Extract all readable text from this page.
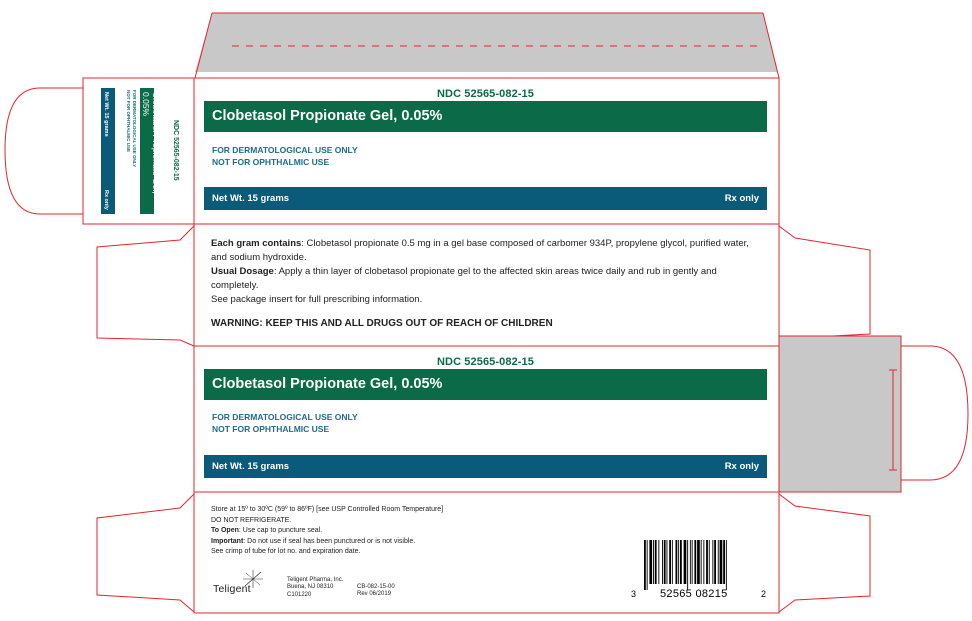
Net Wt. 15 grams
Rx only
FOR DERMATOLOGICAL USE ONLY
NOT FOR OPHTHALMIC USE	Clobetasol Propionate Gel, 0.05%
NDC 52565-082-15
NDC 52565-082-15
Clobetasol Propionate Gel, 0.05%
FOR DERMATOLOGICAL USE ONLY
NOT FOR OPHTHALMIC USE
Net Wt. 15 grams	Rx only
Each gram contains: Clobetasol propionate 0.5 mg in a gel base composed of carbomer 934P, propylene glycol, purified water, and sodium hydroxide.
Usual Dosage: Apply a thin layer of clobetasol propionate gel to the affected skin areas twice daily and rub in gently and completely.
See package insert for full prescribing information.
WARNING: KEEP THIS AND ALL DRUGS OUT OF REACH OF CHILDREN
NDC 52565-082-15
Clobetasol Propionate Gel, 0.05%
FOR DERMATOLOGICAL USE ONLY
NOT FOR OPHTHALMIC USE
Net Wt. 15 grams	Rx only
Store at 15º to 30ºC (59º to 86ºF) [see USP Controlled Room Temperature]
DO NOT REFRIGERATE.
To Open: Use cap to puncture seal.
Important: Do not use if seal has been punctured or is not visible.
See crimp of tube for lot no. and expiration date.
Teligent
Teligent Pharma, Inc.
Buena, NJ 08310
C101220
CB-082-15-00
Rev 06/2019	3 52565 08215	2
